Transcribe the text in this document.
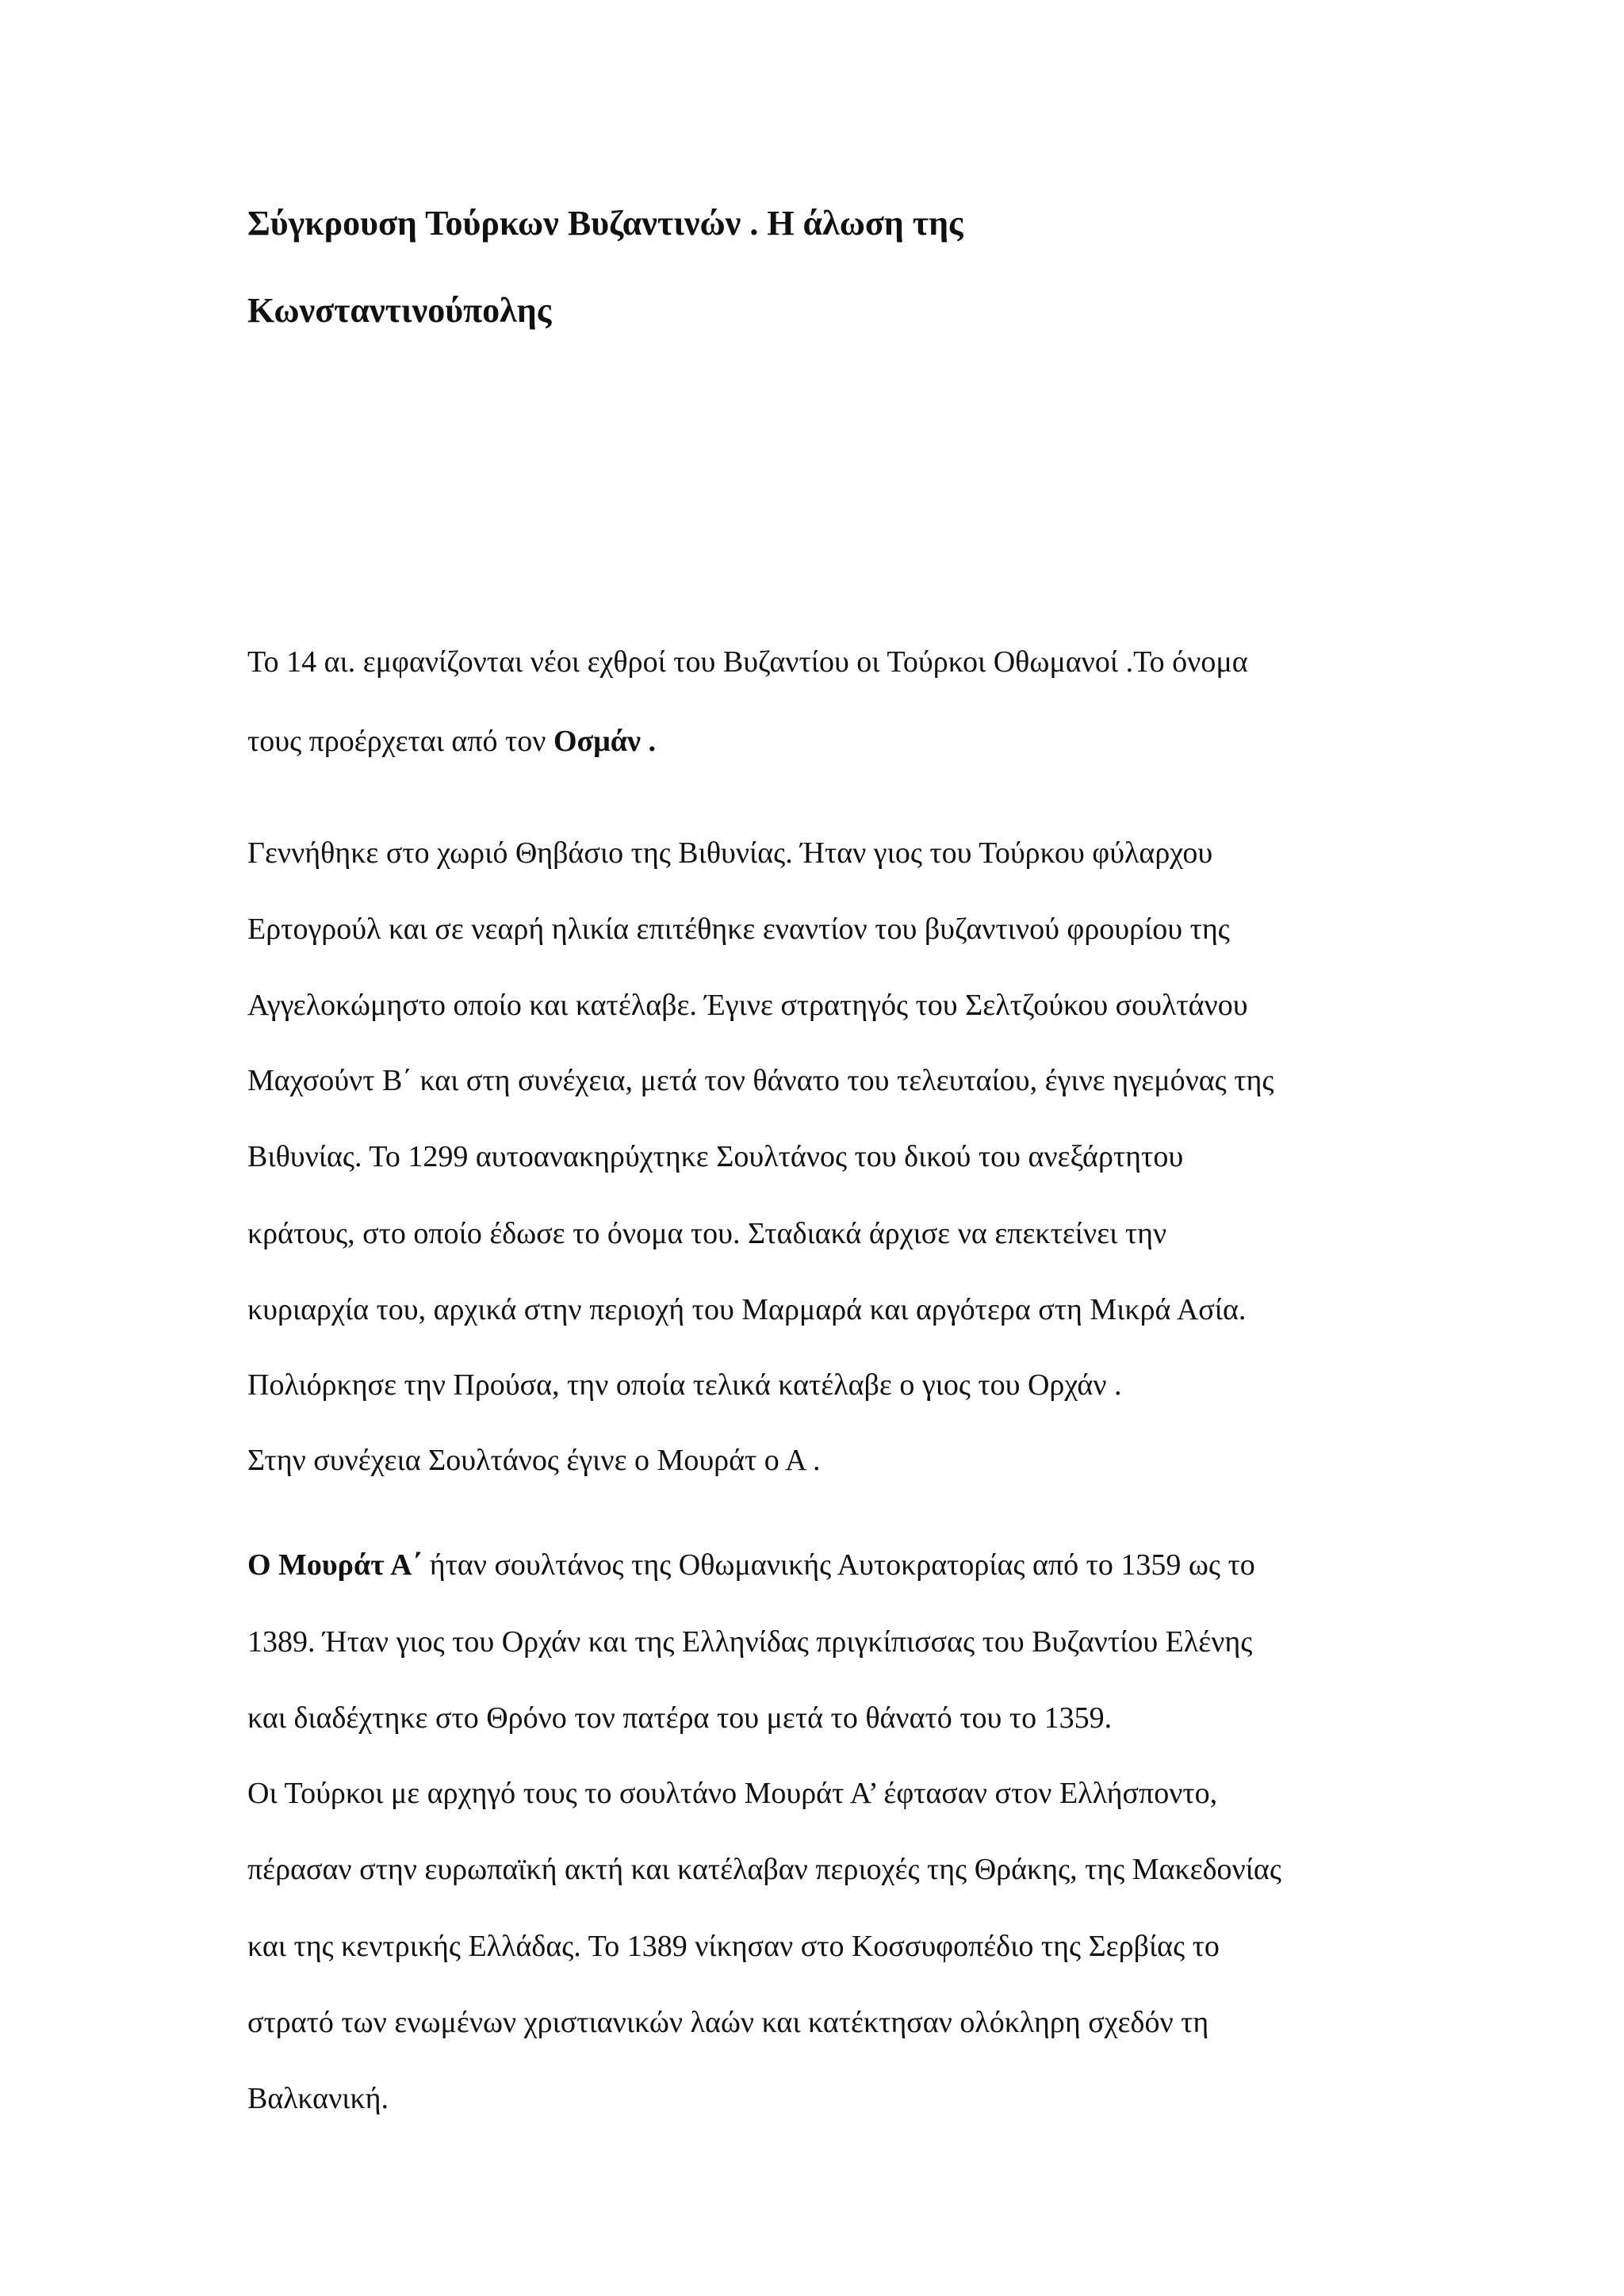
Σύγκρουση Τούρκων Βυζαντινών . Η άλωση της
Κωνσταντινούπολης
Το 14 αι. εμφανίζονται νέοι εχθροί του Βυζαντίου οι Τούρκοι Οθωμανοί .Το όνομα
τους προέρχεται από τον Οσμάν .
Γεννήθηκε στο χωριό Θηβάσιο της Βιθυνίας. Ήταν γιος του Τούρκου φύλαρχου
Ερτογρούλ και σε νεαρή ηλικία επιτέθηκε εναντίον του βυζαντινού φρουρίου της
Αγγελοκώμηστο οποίο και κατέλαβε. Έγινε στρατηγός του Σελτζούκου σουλτάνου
Μαχσούντ Β΄ και στη συνέχεια, μετά τον θάνατο του τελευταίου, έγινε ηγεμόνας της
Βιθυνίας. Το 1299 αυτοανακηρύχτηκε Σουλτάνος του δικού του ανεξάρτητου
κράτους, στο οποίο έδωσε το όνομα του. Σταδιακά άρχισε να επεκτείνει την
κυριαρχία του, αρχικά στην περιοχή του Μαρμαρά και αργότερα στη Μικρά Ασία.
Πολιόρκησε την Προύσα, την οποία τελικά κατέλαβε ο γιος του Ορχάν .
Στην συνέχεια Σουλτάνος έγινε ο Μουράτ ο Α .
Ο Μουράτ Α΄ ήταν σουλτάνος της Οθωμανικής Αυτοκρατορίας από το 1359 ως το
1389. Ήταν γιος του Ορχάν και της Ελληνίδας πριγκίπισσας του Βυζαντίου Ελένης
και διαδέχτηκε στο Θρόνο τον πατέρα του μετά το θάνατό του το 1359.
Οι Τούρκοι με αρχηγό τους το σουλτάνο Μουράτ Α’ έφτασαν στον Ελλήσποντο,
πέρασαν στην ευρωπαϊκή ακτή και κατέλαβαν περιοχές της Θράκης, της Μακεδονίας
και της κεντρικής Ελλάδας. Το 1389 νίκησαν στο Κοσσυφοπέδιο της Σερβίας το
στρατό των ενωμένων χριστιανικών λαών και κατέκτησαν ολόκληρη σχεδόν τη
Βαλκανική.
